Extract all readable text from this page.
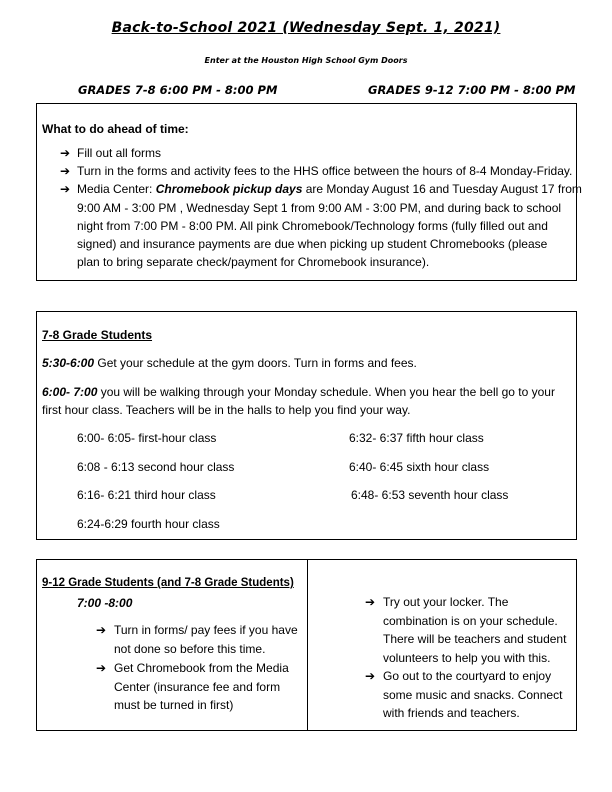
Back-to-School 2021 (Wednesday Sept. 1, 2021)
Enter at the Houston High School Gym Doors
GRADES 7-8 6:00 PM - 8:00 PM	GRADES 9-12 7:00 PM - 8:00 PM
What to do ahead of time:
➔ Fill out all forms
➔ Turn in the forms and activity fees to the HHS office between the hours of 8-4 Monday-Friday.
➔ Media Center: Chromebook pickup days are Monday August 16 and Tuesday August 17 from
9:00 AM - 3:00 PM , Wednesday Sept 1 from 9:00 AM - 3:00 PM, and during back to school
night from 7:00 PM - 8:00 PM. All pink Chromebook/Technology forms (fully filled out and
signed) and insurance payments are due when picking up student Chromebooks (please
plan to bring separate check/payment for Chromebook insurance).
7-8 Grade Students
5:30-6:00 Get your schedule at the gym doors. Turn in forms and fees.
6:00- 7:00 you will be walking through your Monday schedule. When you hear the bell go to your
first hour class. Teachers will be in the halls to help you find your way.
6:00- 6:05- first-hour class
6:08 - 6:13 second hour class
6:16- 6:21 third hour class
6:24-6:29 fourth hour class
6:32- 6:37 fifth hour class
6:40- 6:45 sixth hour class
6:48- 6:53 seventh hour class
9-12 Grade Students (and 7-8 Grade Students)
7:00 -8:00
➔ Turn in forms/ pay fees if you have not done so before this time.
➔ Get Chromebook from the Media Center (insurance fee and form must be turned in first)
➔ Try out your locker. The combination is on your schedule. There will be teachers and student volunteers to help you with this.
➔ Go out to the courtyard to enjoy some music and snacks. Connect with friends and teachers.
